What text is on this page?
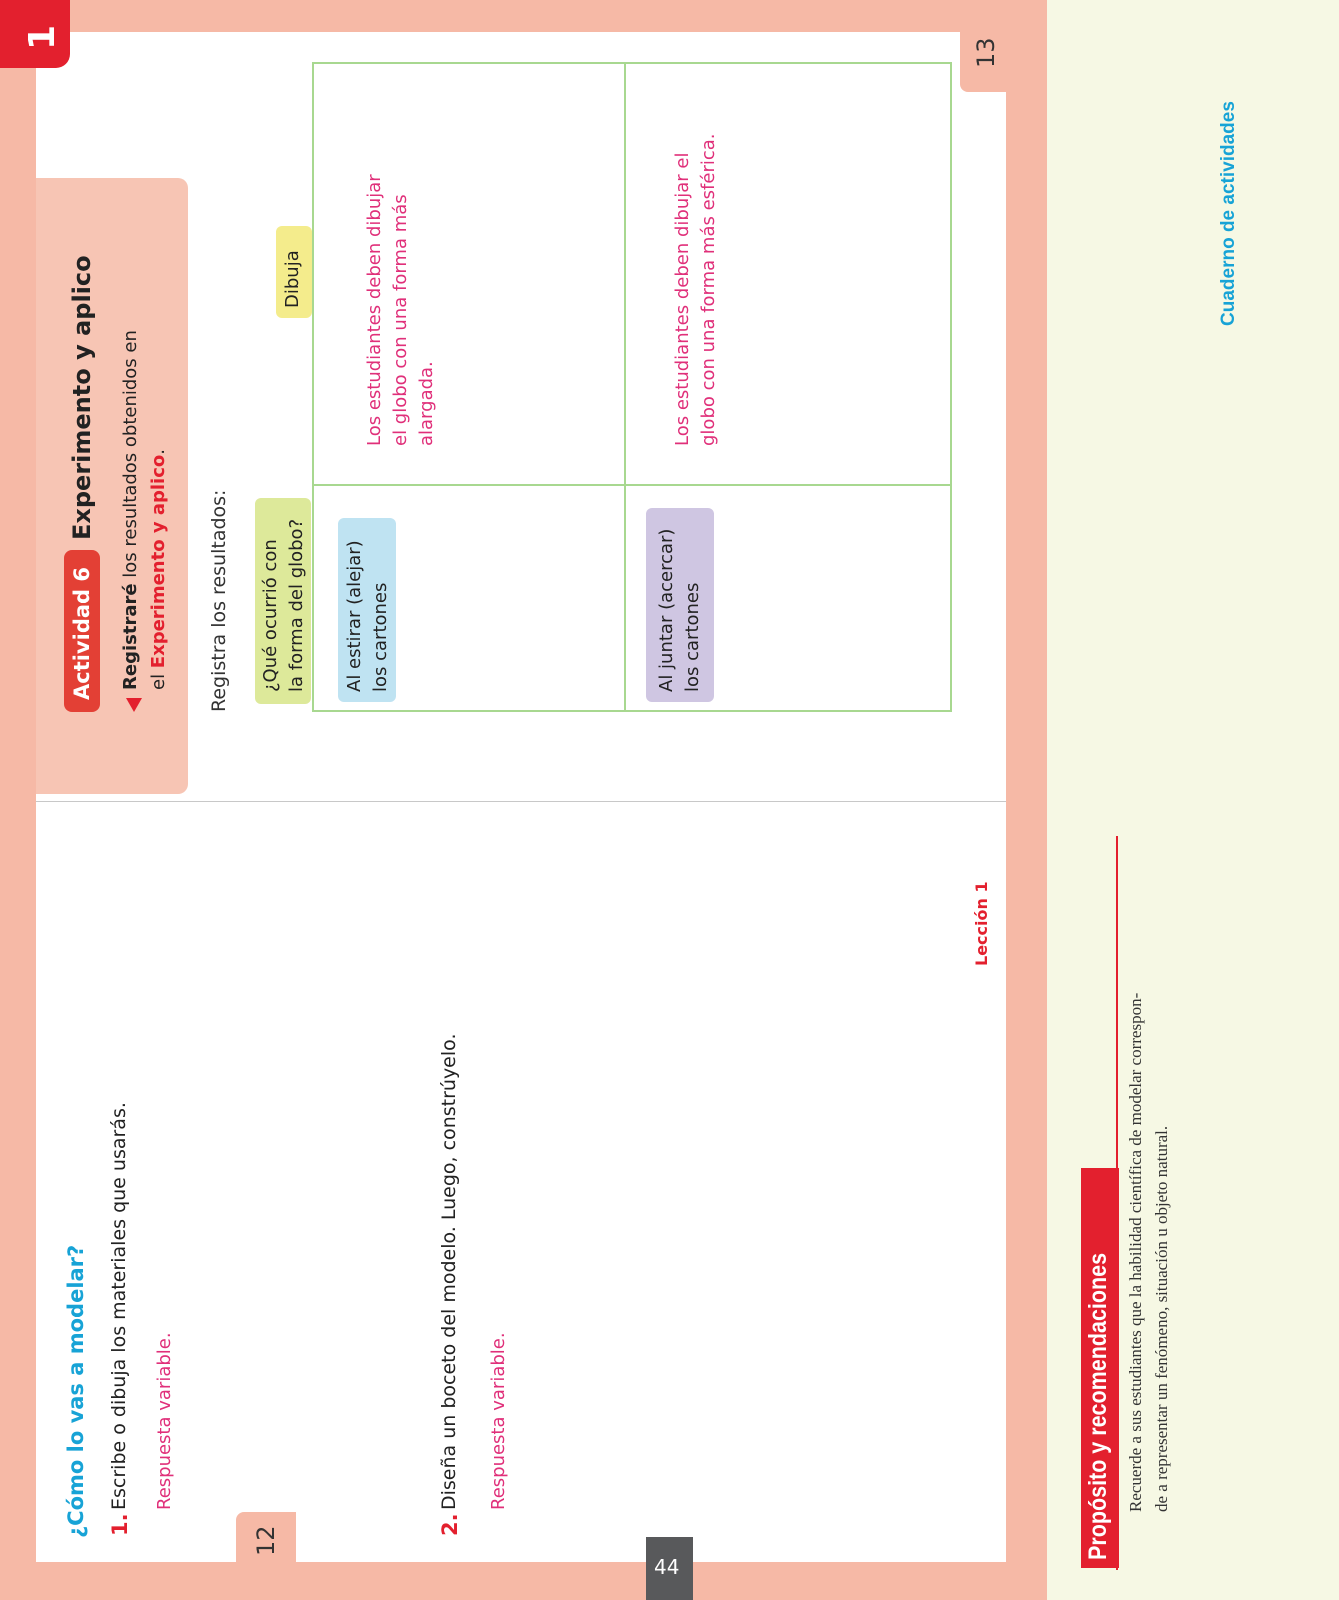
1
Actividad 6
Experimento y aplico
Registraré los resultados obtenidos en
el Experimento y aplico.
Registra los resultados: ¿Qué ocurrió con la forma del globo?
Dibuja
Al estirar (alejar) los cartones
Los estudiantes deben dibujar el globo con una forma más alargada.
Al juntar (acercar) los cartones
Los estudiantes deben dibujar el globo con una forma más esférica.
13
¿Cómo lo vas a modelar? 1.
Escribe o dibuja los materiales que usarás. Respuesta variable.
2.
Diseña un boceto del modelo. Luego, constrúyelo. Respuesta variable.
Lección 1
12
44
Propósito y recomendaciones Recuerde a sus estudiantes que la habilidad científica de modelar correspon- de a representar un fenómeno, situación u objeto natural.
Cuaderno de actividades
